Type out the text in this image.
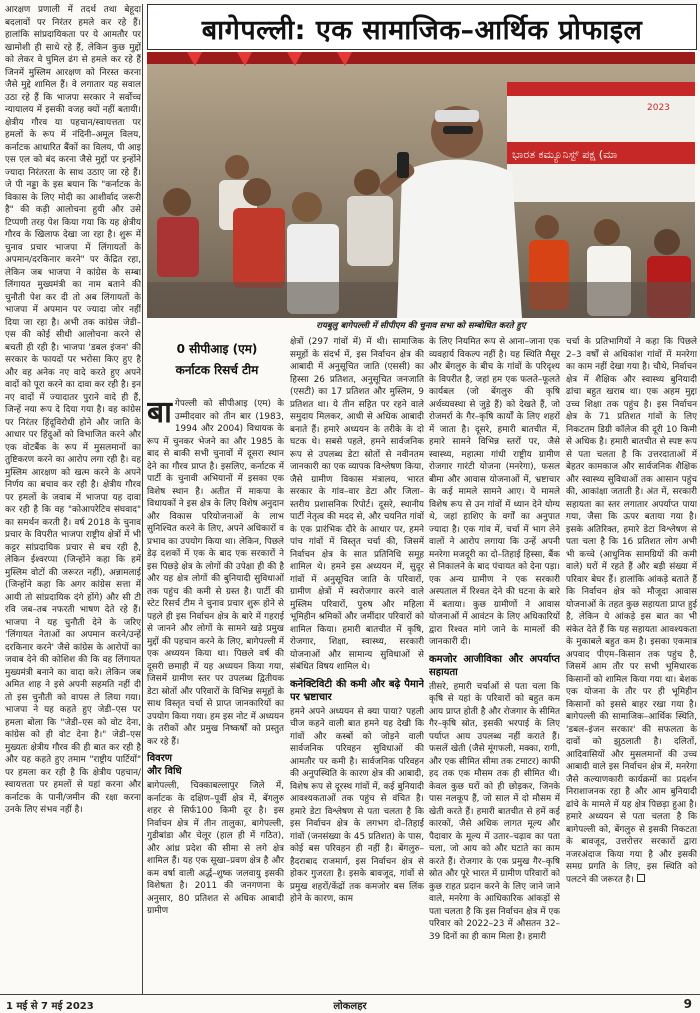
आरक्षण प्रणाली में तदर्थ तथा बेहूदा बदलावों पर निरंतर हमले कर रहे हैं। हालांकि सांप्रदायिकता पर ये आमतौर पर खामोशी ही साधे रहे हैं, लेकिन कुछ मुद्दों को लेकर वे घुमिल ढंग से हमले कर रहे हैं जिनमें मुस्लिम आरक्षण को निरस्त करना जैसे मुद्दे शामिल हैं। वे लगातार यह सवाल उठा रहे हैं कि भाजपा सरकार ने सर्वोच्च न्यायालय में इसकी वजह क्यों नहीं बतायी। क्षेत्रीय गौरव या पहचान/स्वायत्तता पर हमलों के रूप में नंदिनी–अमूल विलय, कर्नाटक आधारित बैंकों का विलय, पी आइ एस एल को बंद करना जैसे मुद्दों पर इन्होंने ज्यादा निरंतरता के साथ उठाए जा रहे हैं। जे पी नड्डा के इस बयान कि "कर्नाटक के विकास के लिए मोदी का आशीर्वाद जरूरी है" की कड़ी आलोचना हुयी और उसे टिप्पणी तरह पेश किया गया कि यह क्षेत्रीय गौरव के खिलाफ देखा जा रहा है। शुरू में चुनाव प्रचार भाजपा में लिंगायतों के अपमान/दरकिनार करने" पर केंद्रित रहा, लेकिन जब भाजपा ने कांग्रेस के सम्बा लिंगायत मुख्यमंत्री का नाम बताने की चुनौती पेश कर दी तो अब लिंगायतों के भाजपा में अपमान पर ज्यादा जोर नहीं दिया जा रहा है। अभी तक कांग्रेस जेडी–एस की कोई सीधी आलोचना करने से बचती ही रही है। भाजपा 'डबल इंजन' की सरकार के फायदों पर भरोसा किए हुए है और वह अनेक नए वादे करते हुए अपने वादों को पूरा करने का दावा कर रही है। इन नए वादों में ज्यादातर पुराने वादे ही हैं, जिन्हें नया रूप दे दिया गया है। वह कांग्रेस पर निरंतर हिंदूविरोधी होने और जाति के आधार पर हिंदुओं को विभाजित करने और एक वोटबैंक के रूप में मुसलमानों का तुष्टिकरण करने का आरोप लगा रही है। वह मुस्लिम आरक्षण को खत्म करने के अपने निर्णय का बचाव कर रही है। क्षेत्रीय गौरव पर हमलों के जवाब में भाजपा यह दावा कर रही है कि वह "कोआपरेटिव संघवाद" का समर्थन करती है। वर्ष 2018 के चुनाव प्रचार के विपरीत भाजपा राष्ट्रीय क्षेत्रों में भी कट्टर सांप्रदायिक प्रचार से बच रही है, लेकिन ईश्वरप्पा (जिन्होंने कहा कि हमें मुस्लिम वोटों की जरूरत नहीं), अन्नामलाई (जिन्होंने कहा कि अगर कांग्रेस सत्ता में आयी तो सांप्रदायिक दंगे होंगे) और सी टी रवि जब–तब नफरती भाषण देते रहे हैं। भाजपा ने यह चुनौती देने के जरिए 'लिंगायत नेताओं का अपमान करने/उन्हें दरकिनार करने' जैसे कांग्रेस के आरोपों का जवाब देने की कोशिश की कि वह लिंगायत मुख्यमंत्री बनाने का वादा करे। लेकिन जब अमित शाह ने इसे अपनी सहमति नहीं दी तो इस चुनौती को वापस ले लिया गया। भाजपा ने यह कहते हुए जेडी–एस पर हमला बोला कि "जेडी–एस को वोट देना, कांग्रेस को ही वोट देना है।" जेडी–एस मुख्यतः क्षेत्रीय गौरव की ही बात कर रही है और यह कहते हुए तमाम "राष्ट्रीय पार्टियों" पर हमला कर रही है कि क्षेत्रीय पहचान/स्वायत्तता पर हमलों से यहां करना और कर्नाटक के पानी/जमीन की रक्षा करना उनके लिए संभव नहीं है।

बागेपल्ली: एक सामाजिक–आर्थिक प्रोफाइल
ಭಾರತ ಕಮ್ಯೂನಿಸ್ಟ್ ಪಕ್ಷ (ಮಾ
2023
रायबुलु बागेपल्ली में सीपीएम की चुनाव सभा को सम्बोधित करते हुए
0 सीपीआइ (एम)
कर्नाटक रिसर्च टीम

बागेपल्ली को सीपीआइ (एम) के उम्मीदवार को तीन बार (1983, 1994 और 2004) विधायक के रूप में चुनकर भेजने का और 1985 के बाद से बाकी सभी चुनावों में दूसरा स्थान देने का गौरव प्राप्त है। इसलिए, कर्नाटक में पार्टी के चुनावी अभियानों में इसका एक विशेष स्थान है। अतीत में माकपा के विधायकों ने इस क्षेत्र के लिए विशेष अनुदान और विकास परियोजनाओं के लाभ सुनिश्चित करने के लिए, अपने अधिकारों व प्रभाव का उपयोग किया था। लेकिन, पिछले डेढ़ दशकों में एक के बाद एक सरकारों ने इस पिछड़े क्षेत्र के लोगों की उपेक्षा ही की है और यह क्षेत्र लोगों की बुनियादी सुविधाओं तक पहुंच की कमी से ग्रस्त है। पार्टी की स्टेट रिसर्च टीम ने चुनाव प्रचार शुरू होने से पहले ही इस निर्वाचन क्षेत्र के बारे में गहराई से जानने और लोगों के सामने खड़े प्रमुख मुद्दों की पहचान करने के लिए, बागेपल्ली में एक अध्ययन किया था। पिछले वर्ष की दूसरी छमाही में यह अध्ययन किया गया, जिसमें ग्रामीण स्तर पर उपलब्ध द्वितीयक डेटा स्रोतों और परिवारों के विभिन्न समूहों के साथ विस्तृत चर्चा से प्राप्त जानकारियों का उपयोग किया गया। हम इस नोट में अध्ययन के तरीकों और प्रमुख निष्कर्षों को प्रस्तुत कर रहे हैं।

विवरण
और विधि

बागेपल्ली, चिक्काबल्लापुर जिले में, कर्नाटक के दक्षिण–पूर्वी क्षेत्र में, बेंगलुरु शहर से सिर्फ100 किमी दूर है। इस निर्वाचन क्षेत्र में तीन तालुका, बागेपल्ली, गुडीबांडा और चेलूर (हाल ही में गठित), और आंध्र प्रदेश की सीमा से लगे क्षेत्र शामिल हैं। यह एक सूखा–प्रवण क्षेत्र है और कम वर्षा वाली अर्द्ध–शुष्क जलवायु इसकी विशेषता है। 2011 की जनगणना के अनुसार, 80 प्रतिशत से अधिक आबादी ग्रामीण

क्षेत्रों (297 गांवों में) में थी। सामाजिक समूहों के संदर्भ में, इस निर्वाचन क्षेत्र की आबादी में अनुसूचित जाति (एससी) का हिस्सा 26 प्रतिशत, अनुसूचित जनजाति (एसटी) का 17 प्रतिशत और मुस्लिम, 9 प्रतिशत था। ये तीन सहित पर रहने वाले समुदाय मिलकर, आधी से अधिक आबादी बनाते हैं। हमारे अध्ययन के तरीके के दो घटक थे। सबसे पहले, हमने सार्वजनिक रूप से उपलब्ध डेटा स्रोतों से नवीनतम जानकारी का एक व्यापक विश्लेषण किया, जैसे ग्रामीण विकास मंत्रालय, भारत सरकार के गांव–वार डेटा और जिला–स्तरीय प्रशासनिक रिपोर्ट। दूसरे, स्थानीय पार्टी नेतृत्व की मदद से, और चयनित गांवों के एक प्रारंभिक दौरे के आधार पर, हमने पांच गांवों में विस्तृत चर्चा की, जिसमें निर्वाचन क्षेत्र के सात प्रतिनिधि समूह शामिल थे। हमने इस अध्ययन में, सुदूर गांवों में अनुसूचित जाति के परिवारों, ग्रामीण क्षेत्रों में स्वरोजगार करने वाले मुस्लिम परिवारों, पुरुष और महिला भूमिहीन श्रमिकों और जमींदार परिवारों को शामिल किया। हमारी बातचीत में कृषि, रोजगार, शिक्षा, स्वास्थ्य, सरकारी योजनाओं और सामान्य सुविधाओं से संबंधित विषय शामिल थे।

कनेक्टिविटी की कमी और बढ़े पैमाने पर भ्रष्टाचार

हमने अपने अध्ययन से क्या पाया? पहली चीज कहने वाली बात हमने यह देखी कि गांवों और कस्बों को जोड़ने वाली सार्वजनिक परिवहन सुविधाओं की आमतौर पर कमी है। सार्वजनिक परिवहन की अनुपस्थिति के कारण क्षेत्र की आबादी, विशेष रूप से दूरस्थ गांवों में, कई बुनियादी आवश्यकताओं तक पहुंच से वंचित है। हमारे डेटा विश्लेषण से पता चलता है कि इस निर्वाचन क्षेत्र के लगभग दो–तिहाई गांवों (जनसंख्या के 45 प्रतिशत) के पास, कोई बस परिवहन ही नहीं है। बेंगलुरु–हैदराबाद राजमार्ग, इस निर्वाचन क्षेत्र से होकर गुजरता है। इसके बावजूद, गांवों से प्रमुख शहरों/केंद्रों तक कमजोर बस लिंक होने के कारण, काम

के लिए नियमित रूप से आना–जाना एक व्यवहार्य विकल्प नहीं है। यह स्थिति मैसूर और बेंगलुरु के बीच के गांवों के परिदृश्य के विपरीत है, जहां हम एक फलते–फूलते कार्यबल (जो बेंगलुरु की कृषि अर्थव्यवस्था से जुड़े हैं) को देखते हैं, जो रोजमर्रा के गैर–कृषि कार्यों के लिए शहरों में जाता है। दूसरे, हमारी बातचीत में, हमारे सामने विभिन्न स्तरों पर, जैसे स्वास्थ्य, महात्मा गांधी राष्ट्रीय ग्रामीण रोजगार गारंटी योजना (मनरेगा), फसल बीमा और आवास योजनाओं में, भ्रष्टाचार के कई मामले सामने आए। ये मामले विशेष रूप से उन गांवों में ध्यान देने योग्य थे, जहां हाशिए के वर्गों का अनुपात ज्यादा है। एक गांव में, चर्चा में भाग लेने वालों ने आरोप लगाया कि उन्हें अपनी मनरेगा मजदूरी का दो–तिहाई हिस्सा, बैंक से निकालने के बाद पंचायत को देना पड़ा। एक अन्य ग्रामीण ने एक सरकारी अस्पताल में रिश्वत देने की घटना के बारे में बताया। कुछ ग्रामीणों ने आवास योजनाओं में आवंटन के लिए अधिकारियों द्वारा रिश्वत मांगे जाने के मामलों की जानकारी दी।

कमजोर आजीविका और अपर्याप्त सहायता

तीसरे, हमारी चर्चाओं से पता चला कि कृषि से यहां के परिवारों को बहुत कम आय प्राप्त होती है और रोजगार के सीमित गैर–कृषि स्रोत, इसकी भरपाई के लिए पर्याप्त आय उपलब्ध नहीं कराते हैं। फसलें खेती (जैसे मूंगफली, मक्का, रागी, और एक सीमित सीमा तक टमाटर) काफी हद तक एक मौसम तक ही सीमित थी। केवल कुछ घरों को ही छोड़कर, जिनके पास नलकूप हैं, जो साल में दो मौसम में खेती करते हैं। हमारी बातचीत से हमें कई कारकों, जैसे अधिक लागत मूल्य और पैदावार के मूल्य में उतार–चढ़ाव का पता चला, जो आय को और घटाते का काम करते हैं। रोजगार के एक प्रमुख गैर–कृषि स्रोत और पूरे भारत में ग्रामीण परिवारों को कुछ राहत प्रदान करने के लिए जाने जाने वाले, मनरेगा के आधिकारिक आंकड़ों से पता चलता है कि इस निर्वाचन क्षेत्र में एक परिवार को 2022–23 में औसतन 32–39 दिनों का ही काम मिला है। हमारी

चर्चा के प्रतिभागियों ने कहा कि पिछले 2–3 वर्षों से अधिकांश गांवों में मनरेगा का काम नहीं देखा गया है। चौथे, निर्वाचन क्षेत्र में शैक्षिक और स्वास्थ्य बुनियादी ढांचा बहुत खराब था। एक अहम मुद्दा उच्च शिक्षा तक पहुंच है। इस निर्वाचन क्षेत्र के 71 प्रतिशत गांवों के लिए निकटतम डिग्री कॉलेज की दूरी 10 किमी से अधिक है। हमारी बातचीत से स्पष्ट रूप से पता चलता है कि उत्तरदाताओं में बेहतर कामकाज और सार्वजनिक शैक्षिक और स्वास्थ्य सुविधाओं तक आसान पहुंच की, आकांक्षा जताती है। अंत में, सरकारी सहायता का स्तर लगातार अपर्याप्त पाया गया, जैसा कि ऊपर बताया गया है। इसके अतिरिक्त, हमारे डेटा विश्लेषण से पता चला है कि 16 प्रतिशत लोग अभी भी कच्चे (आधुनिक सामग्रियों की कमी वाले) घरों में रहते हैं और बड़ी संख्या में परिवार बेघर हैं। हालांकि आंकड़े बताते हैं कि निर्वाचन क्षेत्र को मौजूदा आवास योजनाओं के तहत कुछ सहायता प्राप्त हुई है, लेकिन ये आंकड़े इस बात का भी संकेत देते हैं कि यह सहायता आवश्यकता के मुकाबले बहुत कम है। इसका एकमात्र अपवाद पीएम–किसान तक पहुंच है, जिसमें आम तौर पर सभी भूमिधारक किसानों को शामिल किया गया था। बेशक एक योजना के तौर पर ही भूमिहीन किसानों को इससे बाहर रखा गया है। बागेपल्ली की सामाजिक–आर्थिक स्थिति, 'डबल–इंजन सरकार' की सफलता के दावों को झुठलाती है। दलितों, आदिवासियों और मुसलमानों की उच्च आबादी वाले इस निर्वाचन क्षेत्र में, मनरेगा जैसे कल्याणकारी कार्यक्रमों का प्रदर्शन निराशाजनक रहा है और आम बुनियादी ढांचे के मामले में यह क्षेत्र पिछड़ा हुआ है। हमारे अध्ययन से पता चलता है कि बागेपल्ली को, बेंगलुरु से इसकी निकटता के बावजूद, उत्तरोत्तर सरकारों द्वारा नजरअंदाज किया गया है और इसकी समग्र प्रगति के लिए, इस स्थिति को पलटने की जरूरत है।

1 मई से 7 मई 2023	लोकलहर	9
